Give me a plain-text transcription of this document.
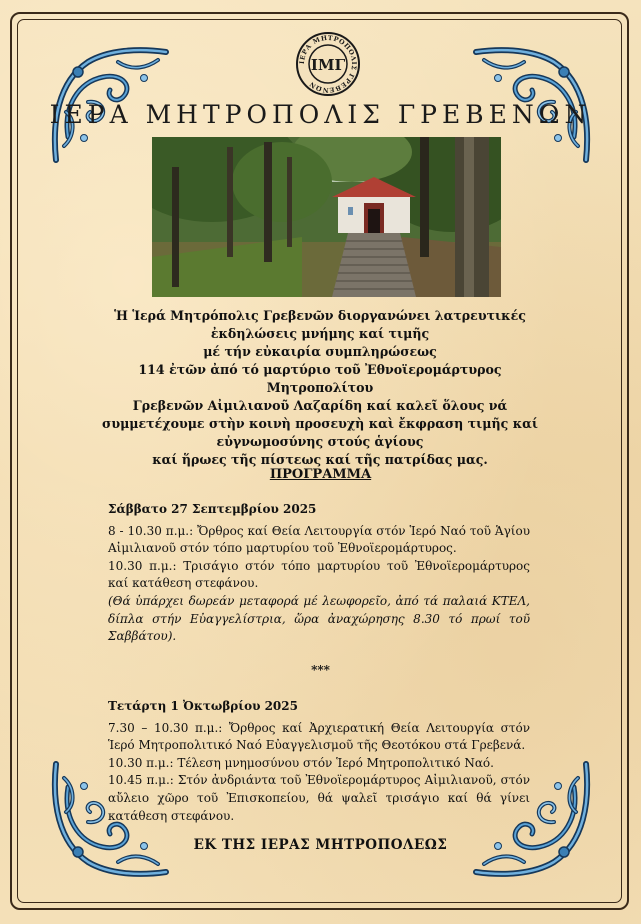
ΙΕΡΑ ΜΗΤΡΟΠΟΛΙΣ ΓΡΕΒΕΝΩΝ
ΙΜΓ
ΙΕΡΑ ΜΗΤΡΟΠΟΛΙΣ ΓΡΕΒΕΝΩΝ
Ἡ Ἱερά Μητρόπολις Γρεβενῶν διοργανώνει λατρευτικές
ἐκδηλώσεις μνήμης καί τιμῆς
μέ τήν εὐκαιρία συμπληρώσεως
114 ἐτῶν ἀπό τό μαρτύριο τοῦ Ἐθνοϊερομάρτυρος Μητροπολίτου
Γρεβενῶν Αἰμιλιανοῦ Λαζαρίδη καί καλεῖ ὅλους νά
συμμετέχουμε στὴν κοινὴ προσευχὴ καὶ ἔκφραση τιμῆς καί
εὐγνωμοσύνης στούς ἁγίους
καί ἥρωες τῆς πίστεως καί τῆς πατρίδας μας.
ΠΡΟΓΡΑΜΜΑ
Σάββατο 27 Σεπτεμβρίου 2025

8 - 10.30 π.μ.: Ὄρθρος καί Θεία Λειτουργία στόν Ἱερό Ναό τοῦ Ἁγίου Αἰμιλιανοῦ στόν τόπο μαρτυρίου τοῦ Ἐθνοϊερομάρτυρος.

10.30 π.μ.: Τρισάγιο στόν τόπο μαρτυρίου τοῦ Ἐθνοϊερομάρτυρος καί κατάθεση στεφάνου.

(Θά ὑπάρχει δωρεάν μεταφορά μέ λεωφορεῖο, ἀπό τά παλαιά ΚΤΕΛ, δίπλα στήν Εὐαγγελίστρια, ὥρα ἀναχώρησης 8.30 τό πρωί τοῦ Σαββάτου).

***
Τετάρτη 1 Ὀκτωβρίου 2025

7.30 – 10.30 π.μ.: Ὄρθρος καί Ἀρχιερατική Θεία Λειτουργία στόν Ἱερό Μητροπολιτικό Ναό Εὐαγγελισμοῦ τῆς Θεοτόκου στά Γρεβενά.

10.30 π.μ.: Τέλεση μνημοσύνου στόν Ἱερό Μητροπολιτικό Ναό.

10.45 π.μ.: Στόν ἀνδριάντα τοῦ Ἐθνοϊερομάρτυρος Αἰμιλιανοῦ, στόν αὔλειο χῶρο τοῦ Ἐπισκοπείου, θά ψαλεῖ τρισάγιο καί θά γίνει κατάθεση στεφάνου.

ΕΚ ΤΗΣ ΙΕΡΑΣ ΜΗΤΡΟΠΟΛΕΩΣ
